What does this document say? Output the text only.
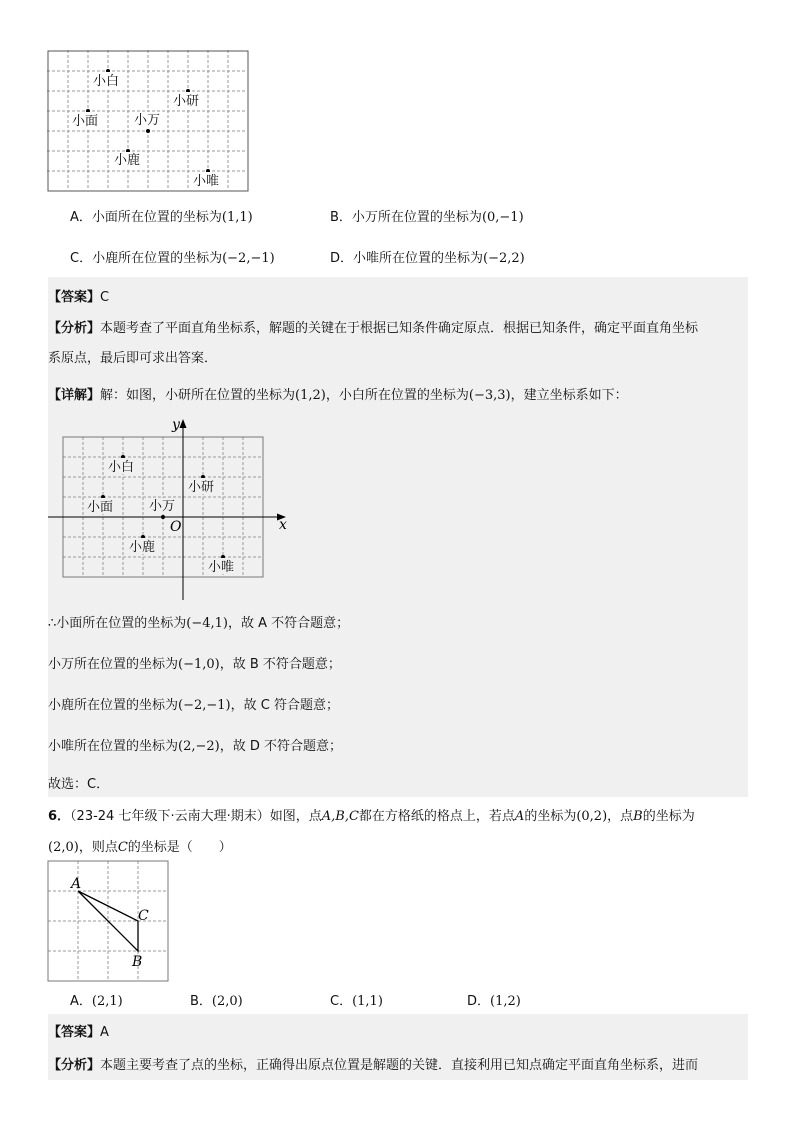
小白
小研
小面	小万
小鹿
小唯
A．小面所在位置的坐标为(1,1)	B．小万所在位置的坐标为(0,−1)
C．小鹿所在位置的坐标为(−2,−1)	D．小唯所在位置的坐标为(−2,2)
【答案】C
【分析】本题考查了平面直角坐标系，解题的关键在于根据已知条件确定原点．根据已知条件，确定平面直角坐标
系原点，最后即可求出答案．
【详解】解：如图，小研所在位置的坐标为(1,2)，小白所在位置的坐标为(−3,3)，建立坐标系如下：
x
y
O
小白
小研
小面	小万
小鹿
小唯
∴小面所在位置的坐标为(−4,1)，故 A 不符合题意；
小万所在位置的坐标为(−1,0)，故 B 不符合题意；
小鹿所在位置的坐标为(−2,−1)，故 C 符合题意；
小唯所在位置的坐标为(2,−2)，故 D 不符合题意；
故选：C．
6．（23-24 七年级下·云南大理·期末）如图，点A,B,C都在方格纸的格点上，若点A的坐标为(0,2)，点B的坐标为
(2,0)，则点C的坐标是（　　）
A
B
C
A．(2,1)	B．(2,0)	C．(1,1)	D．(1,2)
【答案】A
【分析】本题主要考查了点的坐标，正确得出原点位置是解题的关键．直接利用已知点确定平面直角坐标系，进而
